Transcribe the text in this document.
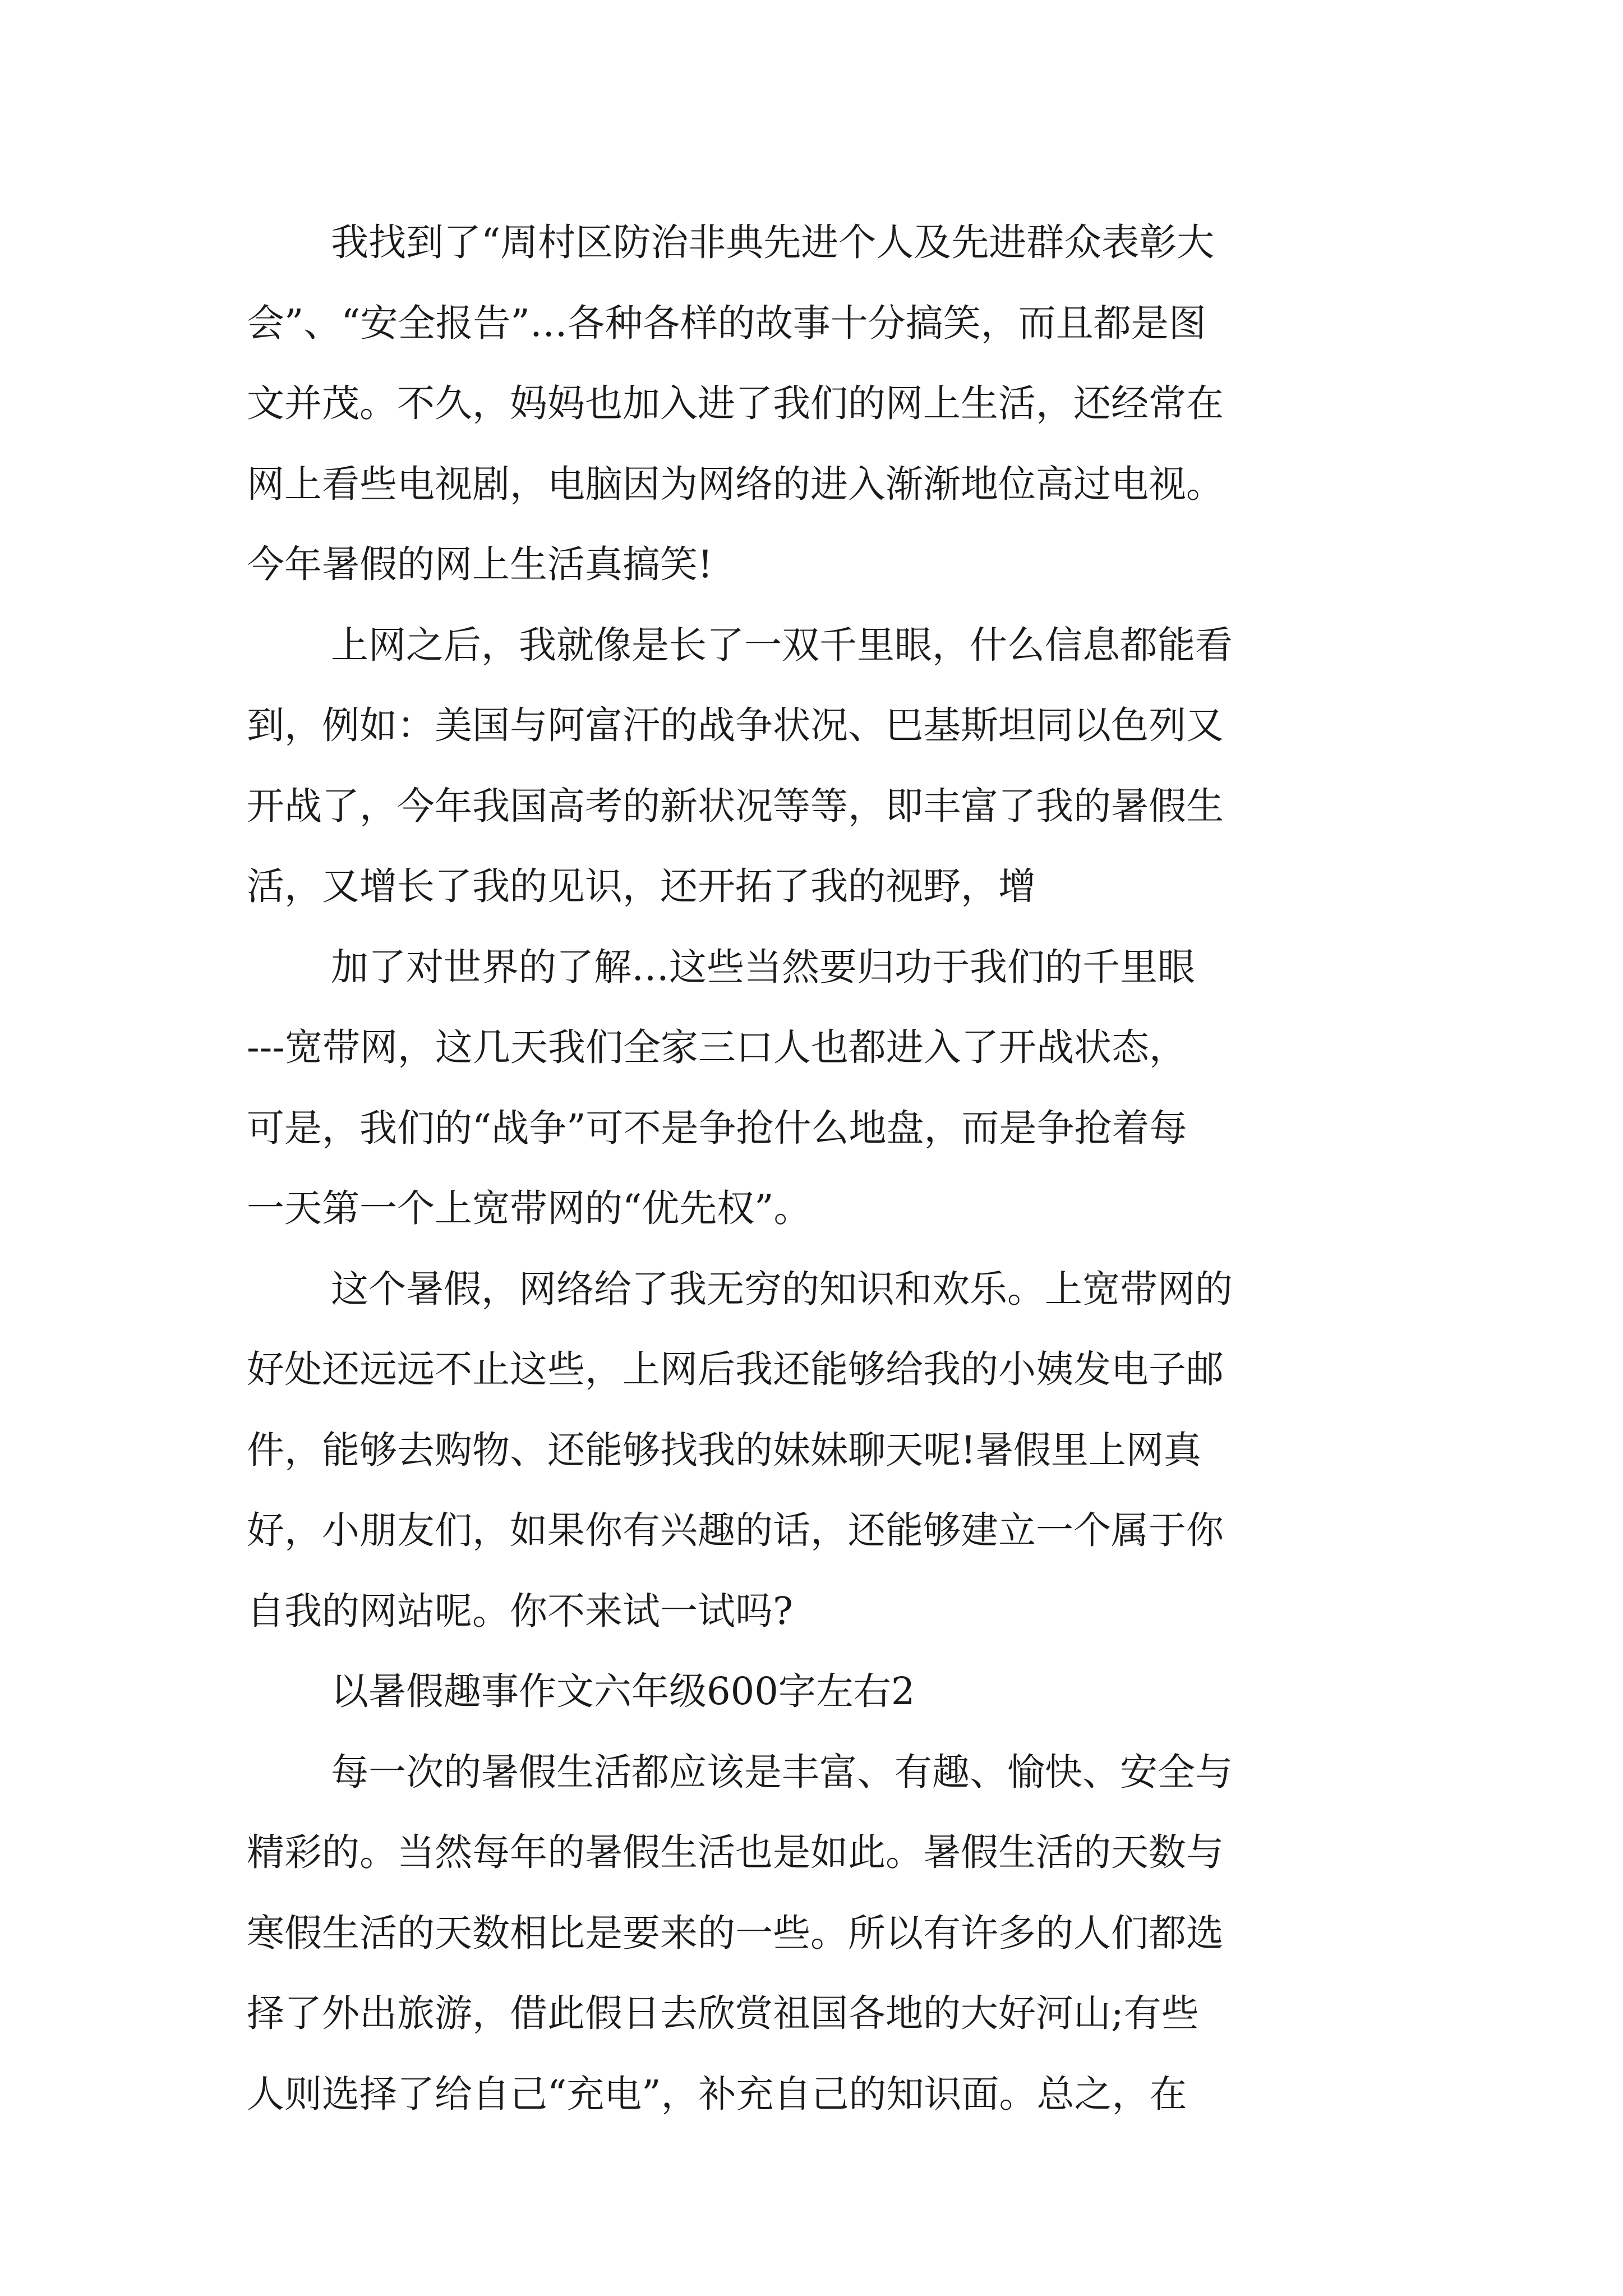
我找到了“周村区防治非典先进个人及先进群众表彰大
会”、“安全报告”…各种各样的故事十分搞笑，而且都是图
文并茂。不久，妈妈也加入进了我们的网上生活，还经常在
网上看些电视剧，电脑因为网络的进入渐渐地位高过电视。
今年暑假的网上生活真搞笑!
上网之后，我就像是长了一双千里眼，什么信息都能看
到，例如：美国与阿富汗的战争状况、巴基斯坦同以色列又
开战了，今年我国高考的新状况等等，即丰富了我的暑假生
活，又增长了我的见识，还开拓了我的视野，增
加了对世界的了解…这些当然要归功于我们的千里眼
---宽带网，这几天我们全家三口人也都进入了开战状态，
可是，我们的“战争”可不是争抢什么地盘，而是争抢着每
一天第一个上宽带网的“优先权”。
这个暑假，网络给了我无穷的知识和欢乐。上宽带网的
好处还远远不止这些，上网后我还能够给我的小姨发电子邮
件，能够去购物、还能够找我的妹妹聊天呢!暑假里上网真
好，小朋友们，如果你有兴趣的话，还能够建立一个属于你
自我的网站呢。你不来试一试吗?
以暑假趣事作文六年级600字左右2
每一次的暑假生活都应该是丰富、有趣、愉快、安全与
精彩的。当然每年的暑假生活也是如此。暑假生活的天数与
寒假生活的天数相比是要来的一些。所以有许多的人们都选
择了外出旅游，借此假日去欣赏祖国各地的大好河山;有些
人则选择了给自己“充电”，补充自己的知识面。总之，在
